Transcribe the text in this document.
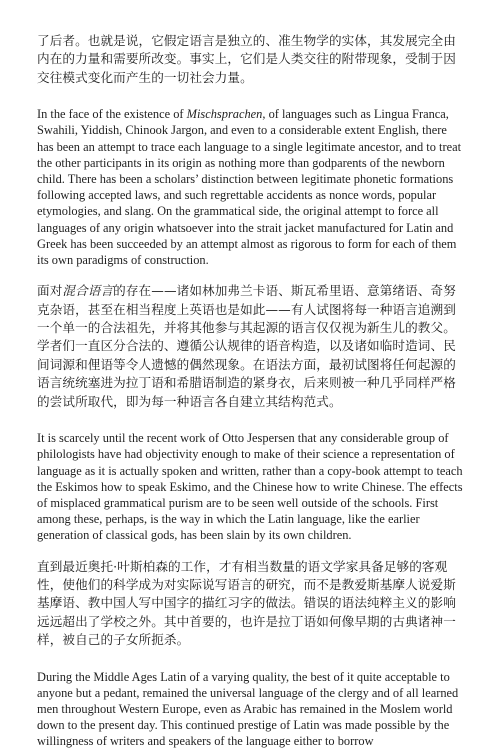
了后者。也就是说，它假定语言是独立的、准生物学的实体，其发展完全由内在的力量和需要所改变。事实上，它们是人类交往的附带现象，受制于因交往模式变化而产生的一切社会力量。

In the face of the existence of Mischsprachen, of languages such as Lingua Franca, Swahili, Yiddish, Chinook Jargon, and even to a considerable extent English, there has been an attempt to trace each language to a single legitimate ancestor, and to treat the other participants in its origin as nothing more than godparents of the newborn child. There has been a scholars’ distinction between legitimate phonetic formations following accepted laws, and such regrettable accidents as nonce words, popular etymologies, and slang. On the grammatical side, the original attempt to force all languages of any origin whatsoever into the strait jacket manufactured for Latin and Greek has been succeeded by an attempt almost as rigorous to form for each of them its own paradigms of construction.

面对混合语言的存在——诸如林加弗兰卡语、斯瓦希里语、意第绪语、奇努克杂语，甚至在相当程度上英语也是如此——有人试图将每一种语言追溯到一个单一的合法祖先，并将其他参与其起源的语言仅仅视为新生儿的教父。学者们一直区分合法的、遵循公认规律的语音构造，以及诸如临时造词、民间词源和俚语等令人遗憾的偶然现象。在语法方面，最初试图将任何起源的语言统统塞进为拉丁语和希腊语制造的紧身衣，后来则被一种几乎同样严格的尝试所取代，即为每一种语言各自建立其结构范式。

It is scarcely until the recent work of Otto Jespersen that any considerable group of philologists have had objectivity enough to make of their science a representation of language as it is actually spoken and written, rather than a copy-book attempt to teach the Eskimos how to speak Eskimo, and the Chinese how to write Chinese. The effects of misplaced grammatical purism are to be seen well outside of the schools. First among these, perhaps, is the way in which the Latin language, like the earlier generation of classical gods, has been slain by its own children.

直到最近奥托·叶斯柏森的工作，才有相当数量的语文学家具备足够的客观性，使他们的科学成为对实际说写语言的研究，而不是教爱斯基摩人说爱斯基摩语、教中国人写中国字的描红习字的做法。错误的语法纯粹主义的影响远远超出了学校之外。其中首要的，也许是拉丁语如何像早期的古典诸神一样，被自己的子女所扼杀。

During the Middle Ages Latin of a varying quality, the best of it quite acceptable to anyone but a pedant, remained the universal language of the clergy and of all learned men throughout Western Europe, even as Arabic has remained in the Moslem world down to the present day. This continued prestige of Latin was made possible by the willingness of writers and speakers of the language either to borrow
